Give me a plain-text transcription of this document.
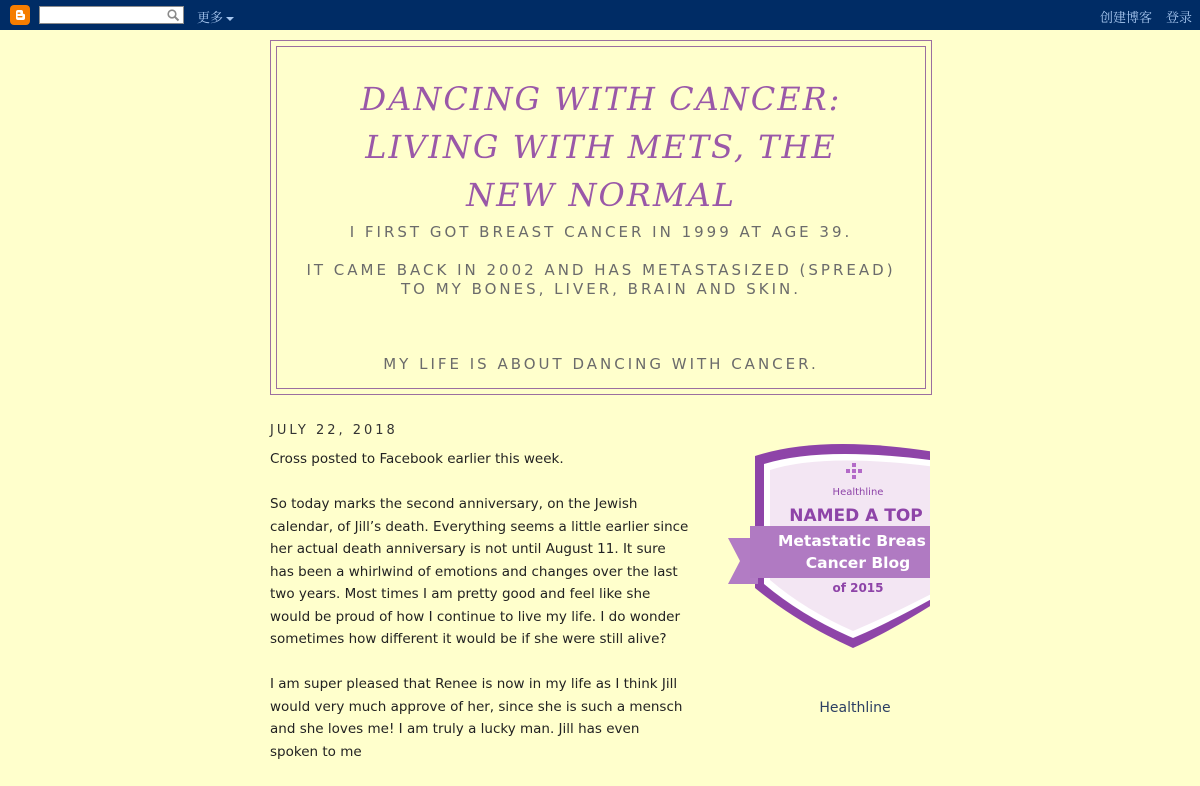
更多	创建博客 登录
DANCING WITH CANCER: LIVING WITH METS, THE NEW NORMAL

I FIRST GOT BREAST CANCER IN 1999 AT AGE 39.

IT CAME BACK IN 2002 AND HAS METASTASIZED (SPREAD) TO MY BONES, LIVER, BRAIN AND SKIN.

MY LIFE IS ABOUT DANCING WITH CANCER.

JULY 22, 2018

Cross posted to Facebook earlier this week.

So today marks the second anniversary, on the Jewish calendar, of Jill’s death. Everything seems a little earlier since her actual death anniversary is not until August 11. It sure has been a whirlwind of emotions and changes over the last two years. Most times I am pretty good and feel like she would be proud of how I continue to live my life. I do wonder sometimes how different it would be if she were still alive?

I am super pleased that Renee is now in my life as I think Jill would very much approve of her, since she is such a mensch and she loves me! I am truly a lucky man. Jill has even spoken to me

Healthline
NAMED A TOP
Metastatic Breas
Cancer Blog
of 2015
Healthline
